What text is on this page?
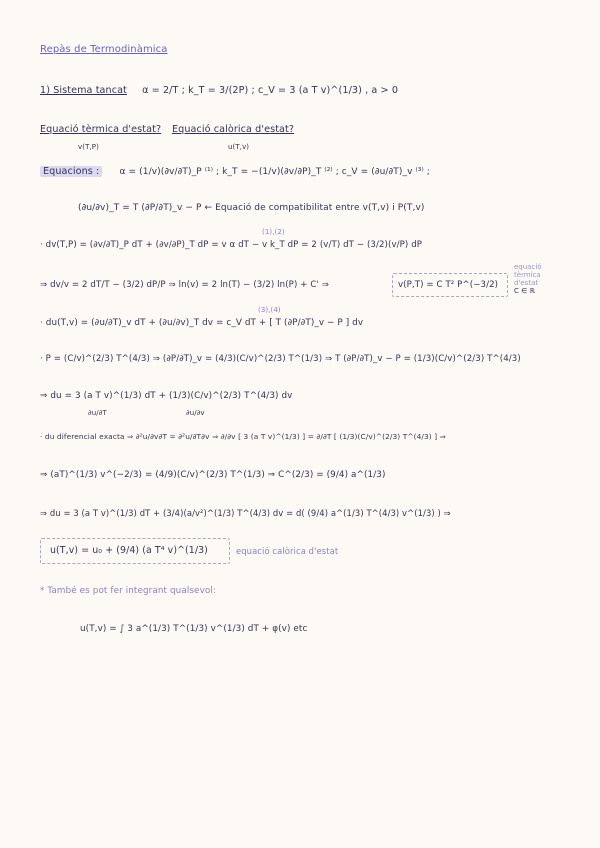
Repàs de Termodinàmica
1) Sistema tancat α = 2/T ; k_T = 3/(2P) ; c_V = 3 (a T v)^(1/3) , a > 0
Equació tèrmica d'estat?
v(T,P)
Equació calòrica d'estat?
u(T,v)
Equacions : α = (1/v)(∂v/∂T)_P ⁽¹⁾ ; k_T = −(1/v)(∂v/∂P)_T ⁽²⁾ ; c_V = (∂u/∂T)_v ⁽³⁾ ;
(∂u/∂v)_T = T (∂P/∂T)_v − P ← Equació de compatibilitat entre v(T,v) i P(T,v)
(1),(2)
· dv(T,P) = (∂v/∂T)_P dT + (∂v/∂P)_T dP = v α dT − v k_T dP = 2 (v/T) dT − (3/2)(v/P) dP
⇒ dv/v = 2 dT/T − (3/2) dP/P ⇒ ln(v) = 2 ln(T) − (3/2) ln(P) + C' ⇒	v(P,T) = C T² P^(−3/2)
equació
tèrmica
d'estat
C ∈ ℝ
(3),(4)
· du(T,v) = (∂u/∂T)_v dT + (∂u/∂v)_T dv = c_V dT + [ T (∂P/∂T)_v − P ] dv
· P = (C/v)^(2/3) T^(4/3) ⇒ (∂P/∂T)_v = (4/3)(C/v)^(2/3) T^(1/3) ⇒ T (∂P/∂T)_v − P = (1/3)(C/v)^(2/3) T^(4/3)
⇒ du = 3 (a T v)^(1/3) dT + (1/3)(C/v)^(2/3) T^(4/3) dv
∂u/∂T	∂u/∂v
· du diferencial exacta ⇒ ∂²u/∂v∂T = ∂²u/∂T∂v ⇒ ∂/∂v [ 3 (a T v)^(1/3) ] = ∂/∂T [ (1/3)(C/v)^(2/3) T^(4/3) ] ⇒
⇒ (aT)^(1/3) v^(−2/3) = (4/9)(C/v)^(2/3) T^(1/3) ⇒ C^(2/3) = (9/4) a^(1/3)
⇒ du = 3 (a T v)^(1/3) dT + (3/4)(a/v²)^(1/3) T^(4/3) dv = d( (9/4) a^(1/3) T^(4/3) v^(1/3) ) ⇒
u(T,v) = u₀ + (9/4) (a T⁴ v)^(1/3)	equació calòrica d'estat
* També es pot fer integrant qualsevol:
u(T,v) = ∫ 3 a^(1/3) T^(1/3) v^(1/3) dT + φ(v) etc
